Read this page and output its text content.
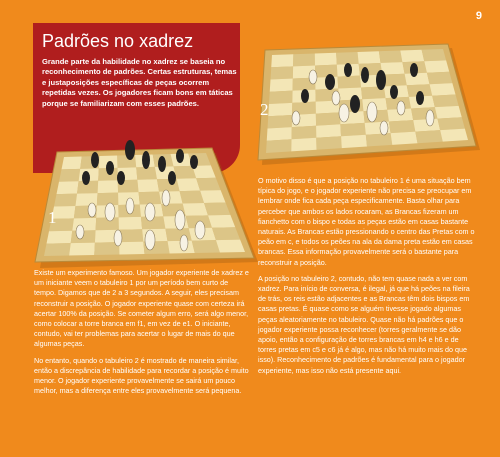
9
Padrões no xadrez
Grande parte da habilidade no xadrez se baseia no reconhecimento de padrões. Certas estruturas, temas e justaposições específicas de peças ocorrem repetidas vezes. Os jogadores ficam bons em táticas porque se familiarizam com esses padrões.	2
1

Existe um experimento famoso. Um jogador experiente de xadrez e um iniciante veem o tabuleiro 1 por um período bem curto de tempo. Digamos que de 2 a 3 segundos. A seguir, eles precisam reconstruir a posição. O jogador experiente quase com certeza irá acertar 100% da posição. Se cometer algum erro, será algo menor, como colocar a torre branca em f1, em vez de e1. O iniciante, contudo, vai ter problemas para acertar o lugar de mais do que algumas peças.

No entanto, quando o tabuleiro 2 é mostrado de maneira similar, então a discrepância de habilidade para recordar a posição é muito menor. O jogador experiente provavelmente se sairá um pouco melhor, mas a diferença entre eles provavelmente será pequena.

O motivo disso é que a posição no tabuleiro 1 é uma situação bem típica do jogo, e o jogador experiente não precisa se preocupar em lembrar onde fica cada peça especificamente. Basta olhar para perceber que ambos os lados rocaram, as Brancas fizeram um fianchetto com o bispo e todas as peças estão em casas bastante naturais. As Brancas estão pressionando o centro das Pretas com o peão em c, e todos os peões na ala da dama preta estão em casas brancas. Essa informação provavelmente será o bastante para reconstruir a posição.

A posição no tabuleiro 2, contudo, não tem quase nada a ver com xadrez. Para início de conversa, é ilegal, já que há peões na fileira de trás, os reis estão adjacentes e as Brancas têm dois bispos em casas pretas. É quase como se alguém tivesse jogado algumas peças aleatoriamente no tabuleiro. Quase não há padrões que o jogador experiente possa reconhecer (torres geralmente se dão apoio, então a configuração de torres brancas em h4 e h6 e de torres pretas em c5 e c6 já é algo, mas não há muito mais do que isso). Reconhecimento de padrões é fundamental para o jogador experiente, mas isso não está presente aqui.
